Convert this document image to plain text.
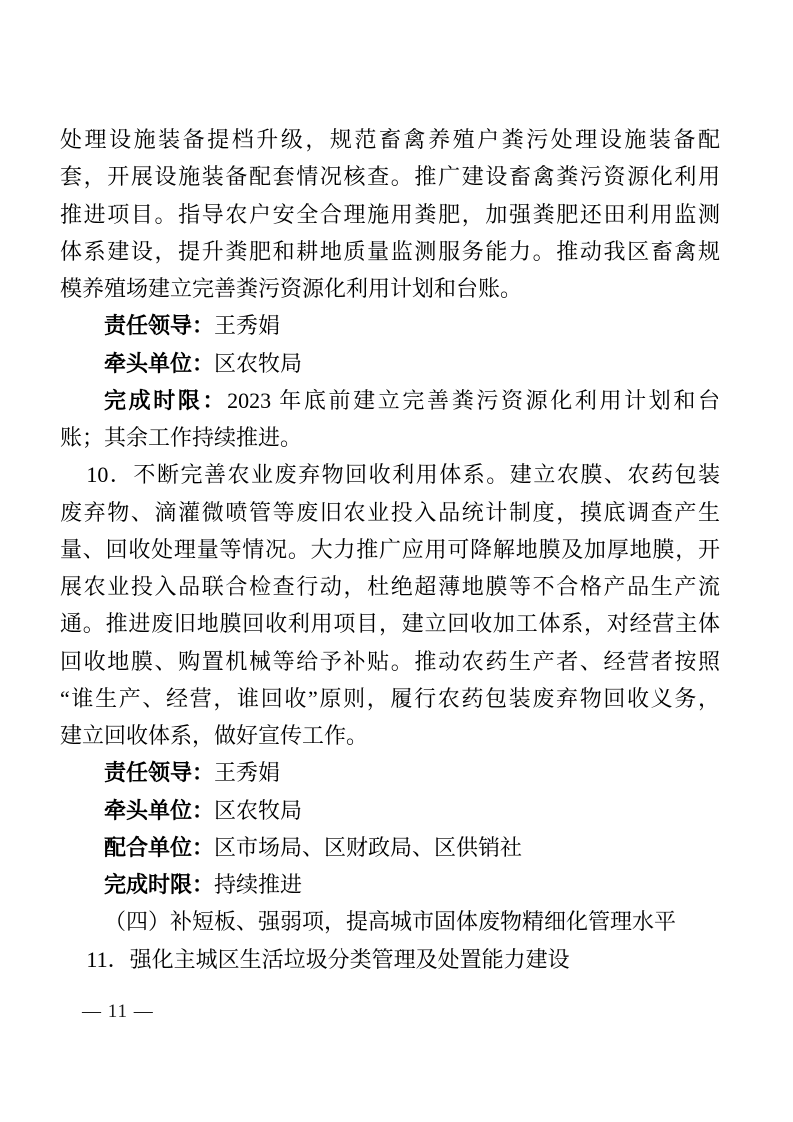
处理设施装备提档升级，规范畜禽养殖户粪污处理设施装备配
套，开展设施装备配套情况核查。推广建设畜禽粪污资源化利用
推进项目。指导农户安全合理施用粪肥，加强粪肥还田利用监测
体系建设，提升粪肥和耕地质量监测服务能力。推动我区畜禽规
模养殖场建立完善粪污资源化利用计划和台账。
责任领导：王秀娟
牵头单位：区农牧局
完成时限：2023 年底前建立完善粪污资源化利用计划和台
账；其余工作持续推进。
10．不断完善农业废弃物回收利用体系。建立农膜、农药包装
废弃物、滴灌微喷管等废旧农业投入品统计制度，摸底调查产生
量、回收处理量等情况。大力推广应用可降解地膜及加厚地膜，开
展农业投入品联合检查行动，杜绝超薄地膜等不合格产品生产流
通。推进废旧地膜回收利用项目，建立回收加工体系，对经营主体
回收地膜、购置机械等给予补贴。推动农药生产者、经营者按照
“谁生产、经营，谁回收”原则，履行农药包装废弃物回收义务，
建立回收体系，做好宣传工作。
责任领导：王秀娟
牵头单位：区农牧局
配合单位：区市场局、区财政局、区供销社
完成时限：持续推进
（四）补短板、强弱项，提高城市固体废物精细化管理水平
11．强化主城区生活垃圾分类管理及处置能力建设
— 11 —
